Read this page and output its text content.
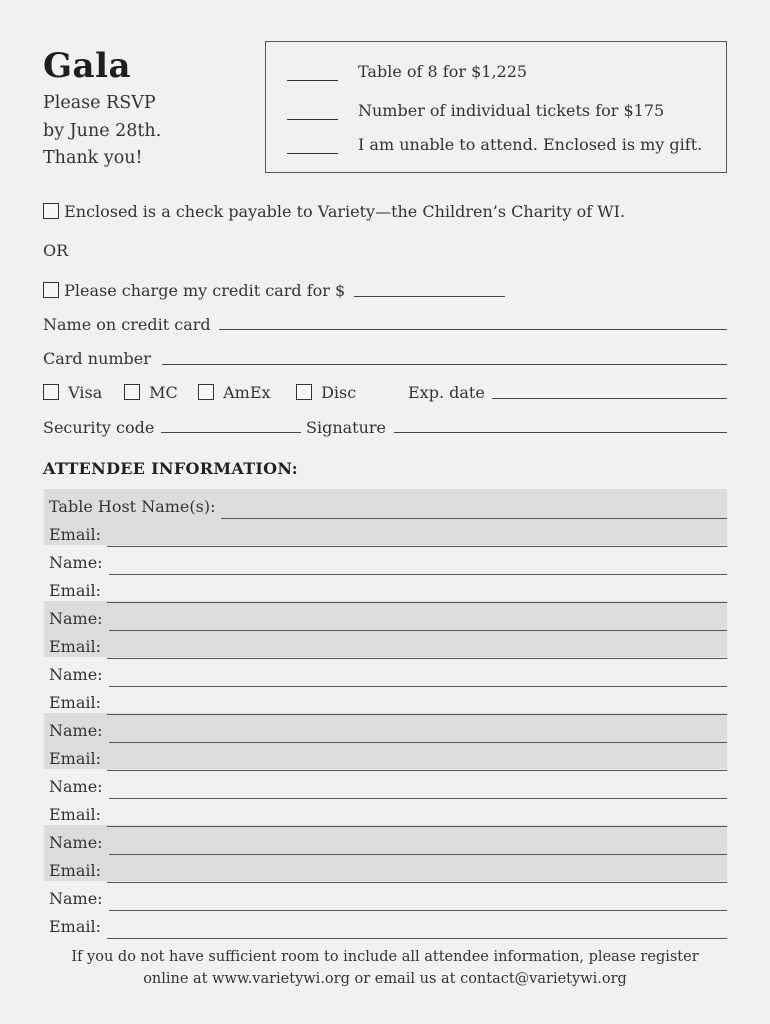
Gala
Please RSVP
by June 28th.
Thank you!
Table of 8 for $1,225
Number of individual tickets for $175
I am unable to attend. Enclosed is my gift.
Enclosed is a check payable to Variety—the Children’s Charity of WI.
OR
Please charge my credit card for $
Name on credit card
Card number
Visa	MC	AmEx	Disc	Exp. date
Security code	Signature
ATTENDEE INFORMATION:
Table Host Name(s):
Email:
Name:
Email:
Name:
Email:
Name:
Email:
Name:
Email:
Name:
Email:
Name:
Email:
Name:
Email:
If you do not have sufficient room to include all attendee information, please register
online at www.varietywi.org or email us at contact@varietywi.org
